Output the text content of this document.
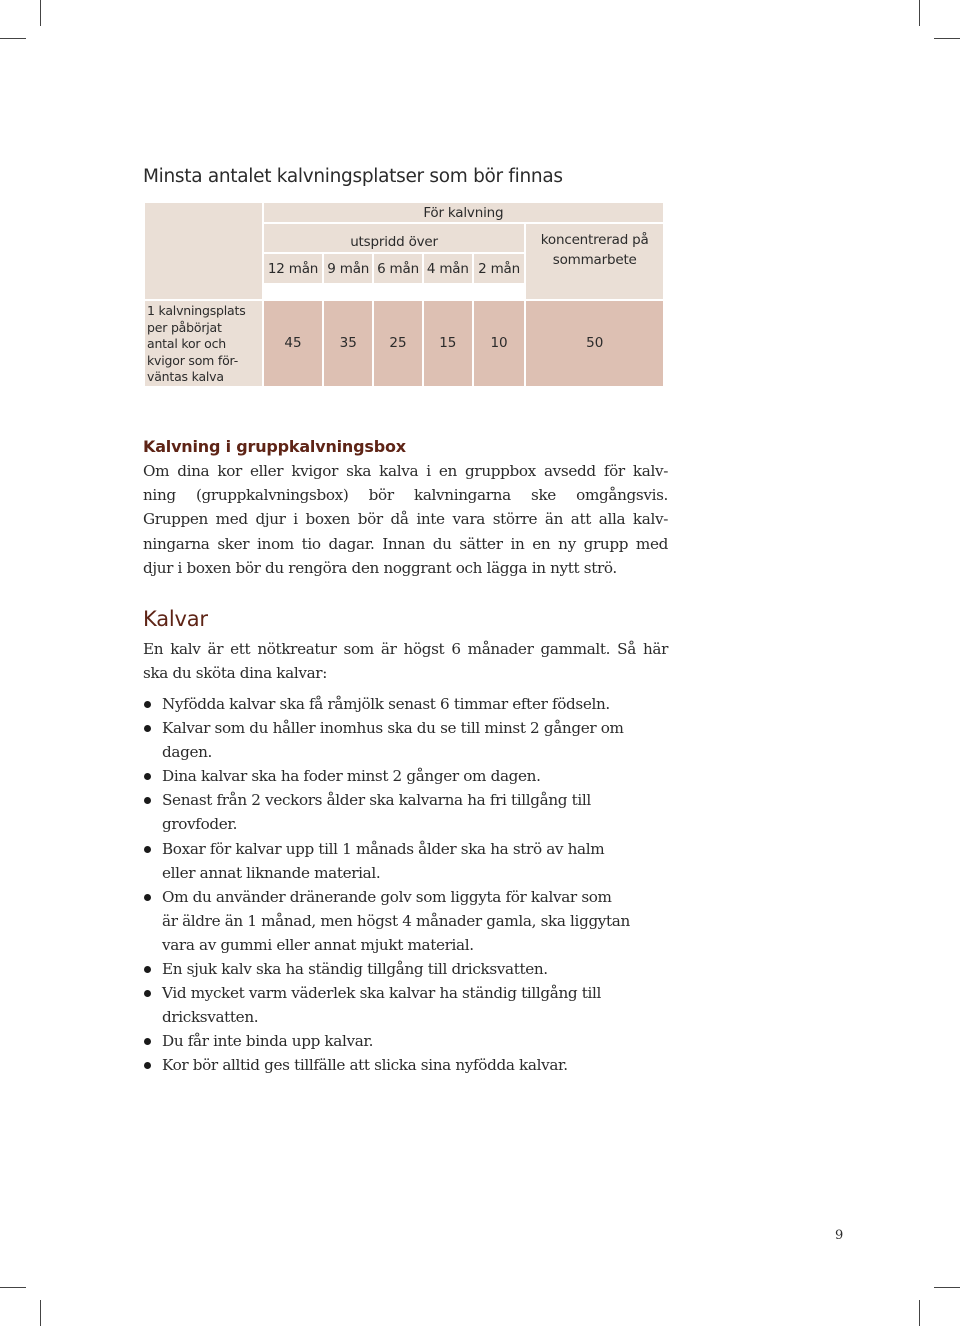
Minsta antalet kalvningsplatser som bör finnas
	För kalvning					
	utspridd över					koncentrerad på sommarbete
	12 mån	9 mån	6 mån	4 mån	2 mån	

1 kalvningsplats
per påbörjat
antal kor och
kvigor som för-
väntas kalva	45	35	25	15	10	50
Kalvning i gruppkalvningsbox
Om dina kor eller kvigor ska kalva i en gruppbox avsedd för kalv-
ning (gruppkalvningsbox) bör kalvningarna ske omgångsvis.
Gruppen med djur i boxen bör då inte vara större än att alla kalv-
ningarna sker inom tio dagar. Innan du sätter in en ny grupp med
djur i boxen bör du rengöra den noggrant och lägga in nytt strö.
Kalvar
En kalv är ett nötkreatur som är högst 6 månader gammalt. Så här
ska du sköta dina kalvar:
Nyfödda kalvar ska få råmjölk senast 6 timmar efter födseln.
Kalvar som du håller inomhus ska du se till minst 2 gånger om
dagen.
Dina kalvar ska ha foder minst 2 gånger om dagen.
Senast från 2 veckors ålder ska kalvarna ha fri tillgång till
grovfoder.
Boxar för kalvar upp till 1 månads ålder ska ha strö av halm
eller annat liknande material.
Om du använder dränerande golv som liggyta för kalvar som
är äldre än 1 månad, men högst 4 månader gamla, ska liggytan
vara av gummi eller annat mjukt material.
En sjuk kalv ska ha ständig tillgång till dricksvatten.
Vid mycket varm väderlek ska kalvar ha ständig tillgång till
dricksvatten.
Du får inte binda upp kalvar.
Kor bör alltid ges tillfälle att slicka sina nyfödda kalvar.
9
